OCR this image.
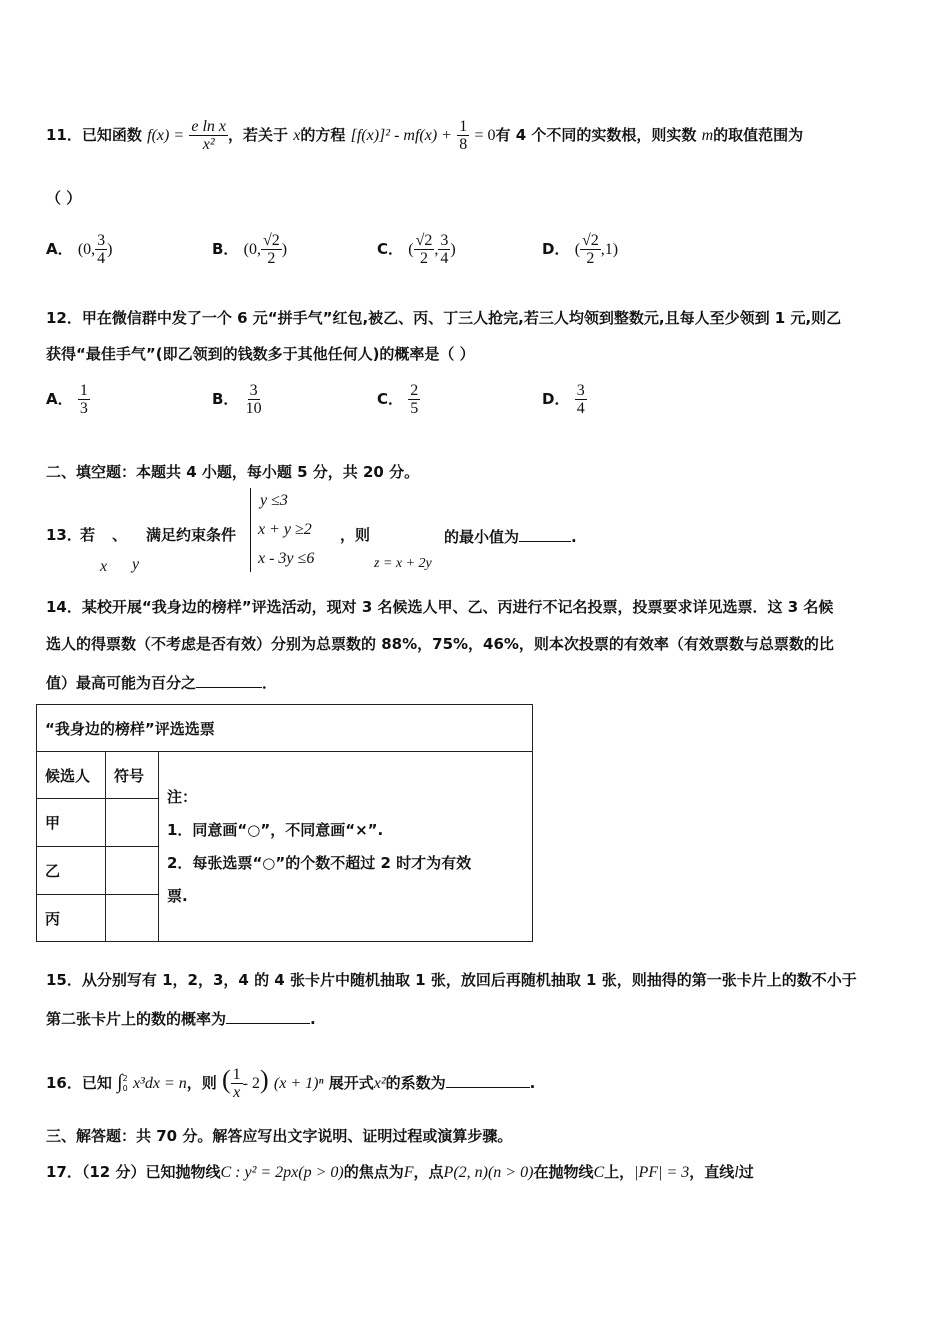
11．已知函数 $f(x) = \frac{\text{e ln x}}{\text{x²}}$ ，若关于 x的方程 $[f(x)]^2 - mf(x) + \frac{1}{8} = 0$有 4 个不同的实数根，则实数 m的取值范围为
（ ）
A． (0, $\frac{3}{4}$ )	B． (0, $\frac{√2}{2}$ )	C． ( $\frac{√2}{2}$ , $\frac{3}{4}$ )	D． ( $\frac{√2}{2} ,1$)
12．甲在微信群中发了一个 6 元“拼手气”红包,被乙、丙、丁三人抢完,若三人均领到整数元,且每人至少领到 1 元,则乙
获得“最佳手气”(即乙领到的钱数多于其他任何人)的概率是（ ）
A． $\frac{1}{3}$	B． $\frac{3}{10}$	C． $\frac{2}{5}$	D． $\frac{3}{4}$
二、填空题：本题共 4 小题，每小题 5 分，共 20 分。
13．
若 、 满足约束条件
x y
y ≤3
x + y ≥2
x - 3y ≤6
，则
z = x + 2y
的最小值为	.
14．某校开展“我身边的榜样”评选活动，现对 3 名候选人甲、乙、丙进行不记名投票，投票要求详见选票．这 3 名候
选人的得票数（不考虑是否有效）分别为总票数的 88%，75%，46%，则本次投票的有效率（有效票数与总票数的比
值）最高可能为百分之	．
“我身边的榜样”评选选票		
候选人	符号	注：
1．同意画“○”，不同意画“×”.
2．每张选票“○”的个数不超过 2 时才为有效
票.

甲		
乙		
丙		
15．从分别写有 1，2，3，4 的 4 张卡片中随机抽取 1 张，放回后再随机抽取 1 张，则抽得的第一张卡片上的数不小于
第二张卡片上的数的概率为	.
16．已知 ∫ 2
0 x³dx = n，则 ( $\frac{1}{x} - 2$) (x + 1)ⁿ 展开式x²的系数为	.
三、解答题：共 70 分。解答应写出文字说明、证明过程或演算步骤。
17．（12 分）已知抛物线C : y² = 2px(p > 0)的焦点为F，点P(2, n)(n > 0)在抛物线C上，|PF| = 3，直线l过
